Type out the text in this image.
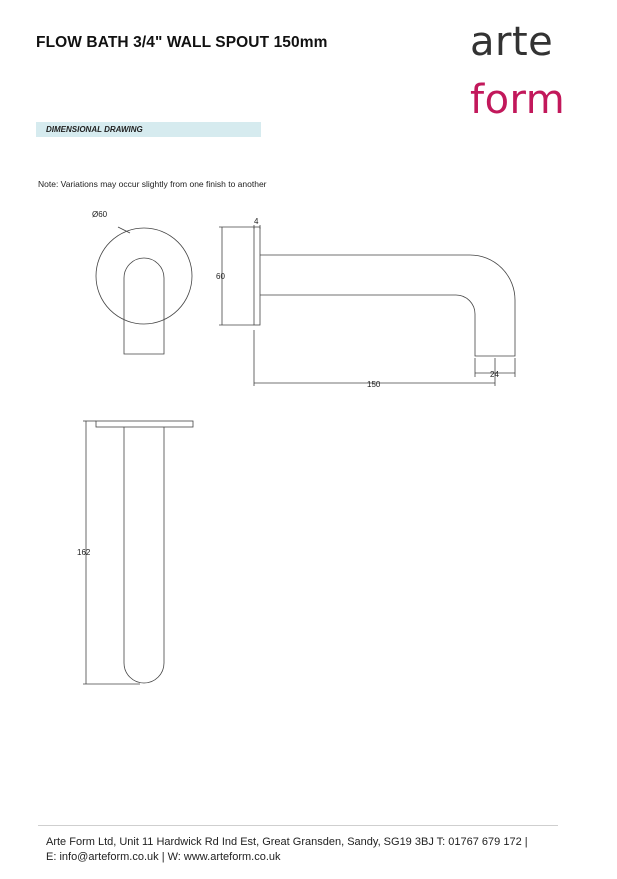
FLOW BATH 3/4" WALL SPOUT 150mm	arte
form
DIMENSIONAL DRAWING
Note: Variations may occur slightly from one finish to another
Ø60
4
60
150
24
162
Arte Form Ltd, Unit 11 Hardwick Rd Ind Est, Great Gransden, Sandy, SG19 3BJ T: 01767 679 172 |
E: info@arteform.co.uk | W: www.arteform.co.uk
